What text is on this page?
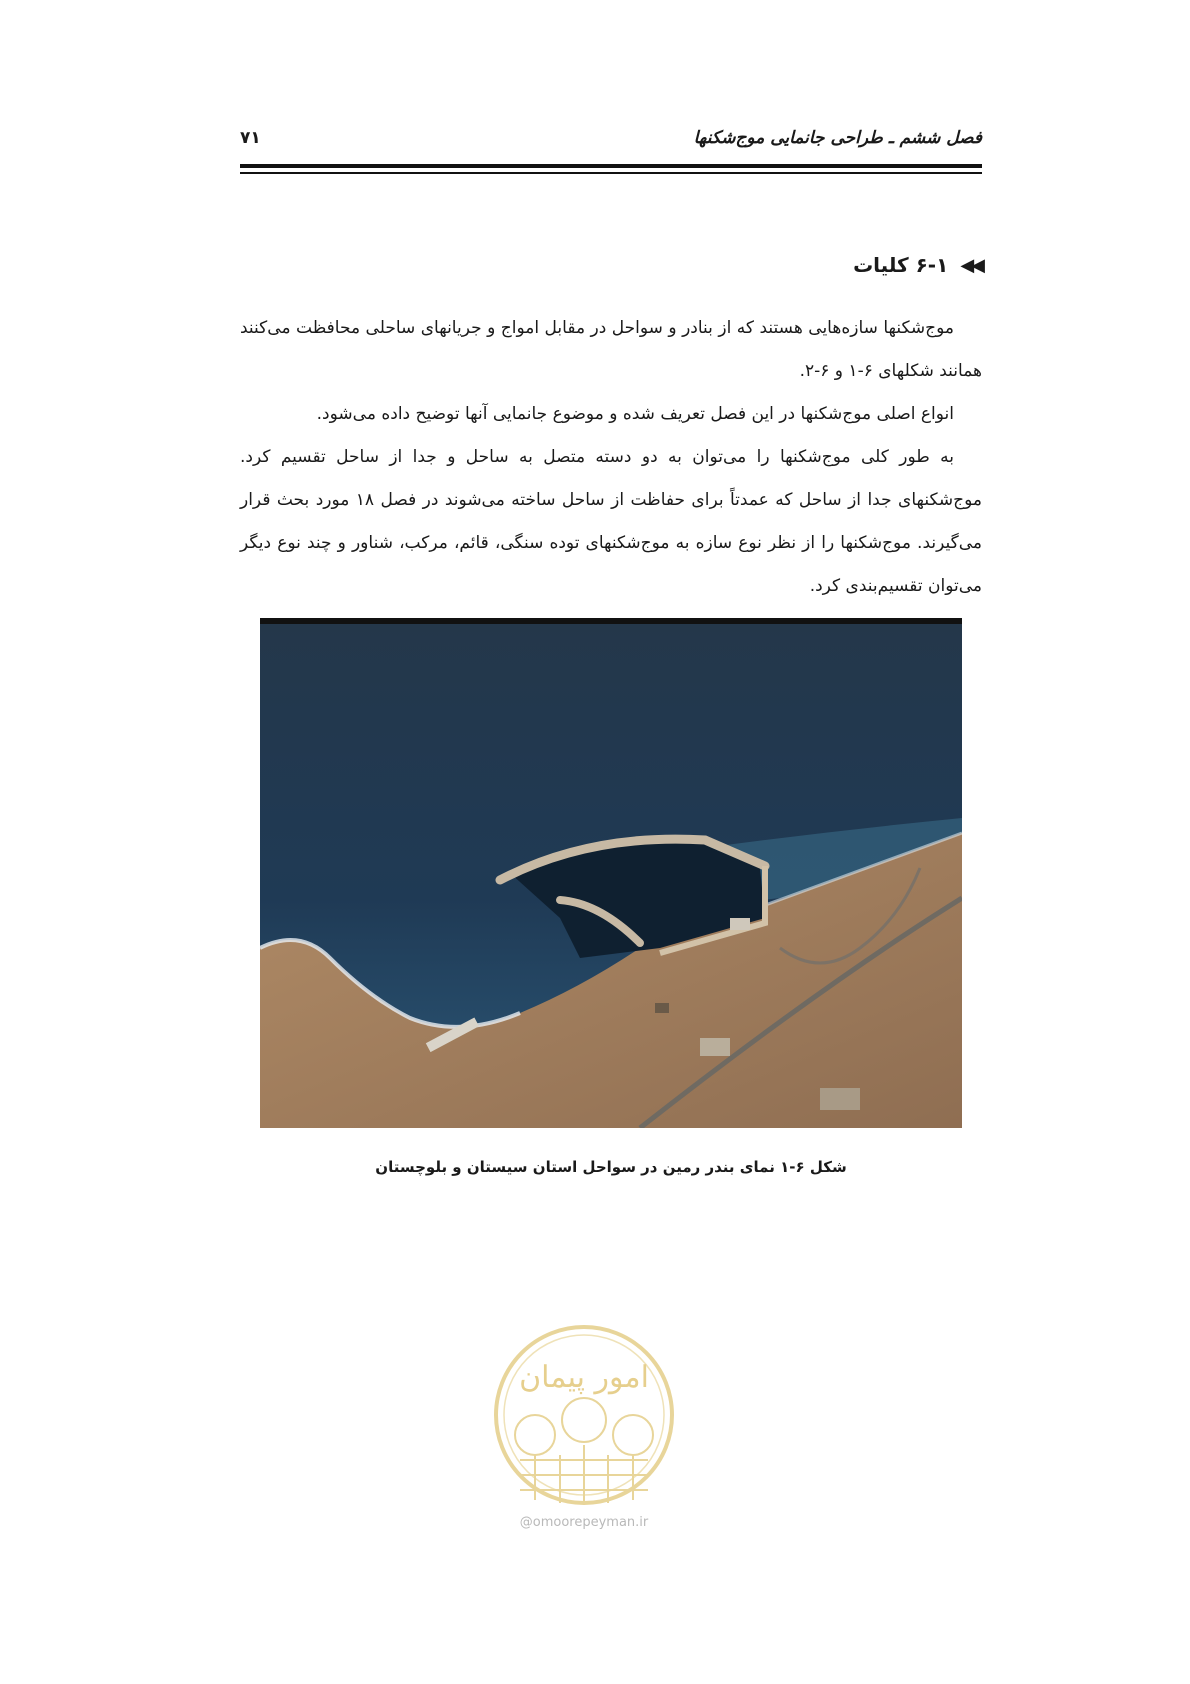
فصل ششم ـ طراحی جانمایی موج‌شکنها
۷۱
◀◀
۶-۱ کلیات

موج‌شکنها سازه‌هایی هستند که از بنادر و سواحل در مقابل امواج و جریانهای ساحلی محافظت می‌کنند همانند شکلهای ۶-۱ و ۶-۲.

انواع اصلی موج‌شکنها در این فصل تعریف شده و موضوع جانمایی آنها توضیح داده می‌شود.

به طور کلی موج‌شکنها را می‌توان به دو دسته متصل به ساحل و جدا از ساحل تقسیم کرد. موج‌شکنهای جدا از ساحل که عمدتاً برای حفاظت از ساحل ساخته می‌شوند در فصل ۱۸ مورد بحث قرار می‌گیرند. موج‌شکنها را از نظر نوع سازه به موج‌شکنهای توده سنگی، قائم، مرکب، شناور و چند نوع دیگر می‌توان تقسیم‌بندی کرد.

شکل ۶-۱ نمای بندر رمین در سواحل استان سیستان و بلوچستان
امور پیمان
@omoorepeyman.ir
